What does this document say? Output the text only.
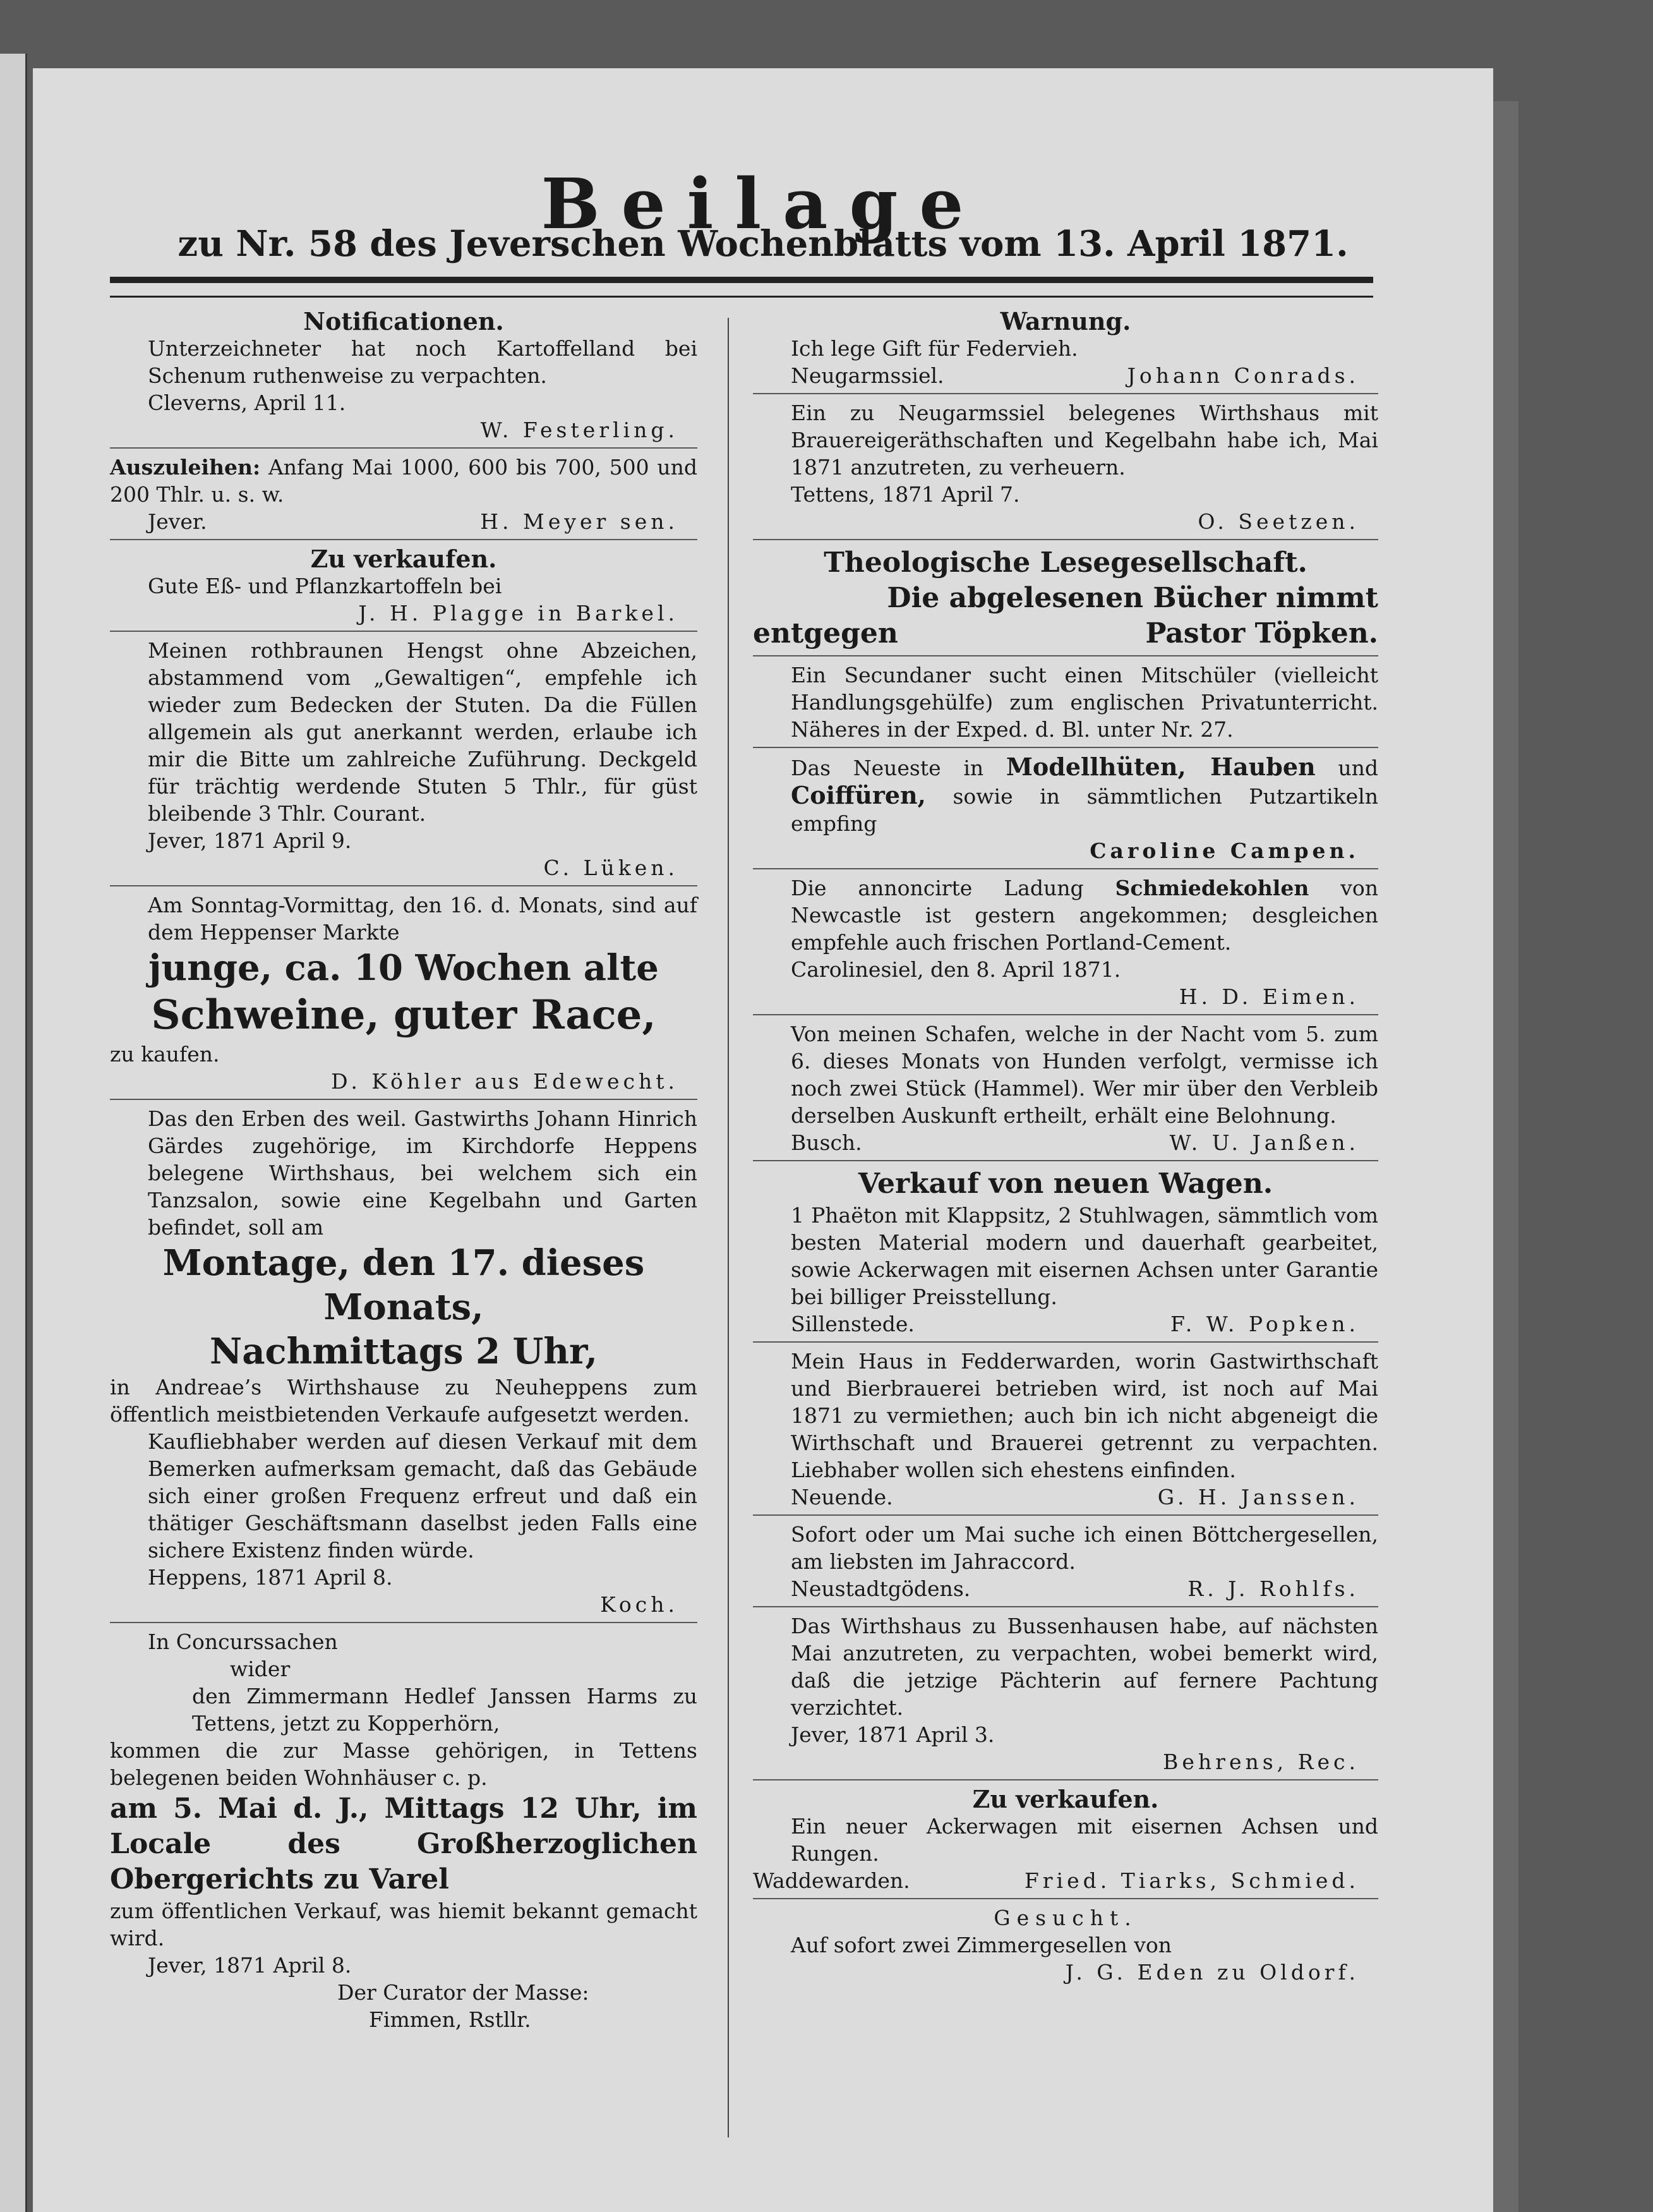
Beilage
zu Nr. 58 des Jeverschen Wochenblatts vom 13. April 1871.

Notificationen.

Unterzeichneter hat noch Kartoffelland bei Schenum ruthenweise zu verpachten.

Cleverns, April 11.

W. Festerling.

Auszuleihen: Anfang Mai 1000, 600 bis 700, 500 und 200 Thlr. u. s. w.

Jever.	H. Meyer sen.

Zu verkaufen.

Gute Eß- und Pflanzkartoffeln bei

J. H. Plagge in Barkel.

Meinen rothbraunen Hengst ohne Abzeichen, abstammend vom „Gewaltigen“, empfehle ich wieder zum Bedecken der Stuten. Da die Füllen allgemein als gut anerkannt werden, erlaube ich mir die Bitte um zahlreiche Zuführung. Deckgeld für trächtig werdende Stuten 5 Thlr., für güst bleibende 3 Thlr. Courant.

Jever, 1871 April 9.

C. Lüken.

Am Sonntag-Vormittag, den 16. d. Monats, sind auf dem Heppenser Markte

junge, ca. 10 Wochen alte

Schweine, guter Race,

zu kaufen.

D. Köhler aus Edewecht.

Das den Erben des weil. Gastwirths Johann Hinrich Gärdes zugehörige, im Kirchdorfe Heppens belegene Wirthshaus, bei welchem sich ein Tanzsalon, sowie eine Kegelbahn und Garten befindet, soll am

Montage, den 17. dieses Monats,

Nachmittags 2 Uhr,

in Andreae’s Wirthshause zu Neuheppens zum öffentlich meistbietenden Verkaufe aufgesetzt werden.

Kaufliebhaber werden auf diesen Verkauf mit dem Bemerken aufmerksam gemacht, daß das Gebäude sich einer großen Frequenz erfreut und daß ein thätiger Geschäftsmann daselbst jeden Falls eine sichere Existenz finden würde.

Heppens, 1871 April 8.

Koch.

In Concurssachen

wider

den Zimmermann Hedlef Janssen Harms zu Tettens, jetzt zu Kopperhörn,

kommen die zur Masse gehörigen, in Tettens belegenen beiden Wohnhäuser c. p.

am 5. Mai d. J., Mittags 12 Uhr, im Locale des Großherzoglichen Obergerichts zu Varel

zum öffentlichen Verkauf, was hiemit bekannt gemacht wird.

Jever, 1871 April 8.

Der Curator der Masse:

Fimmen, Rstllr.

Warnung.

Ich lege Gift für Federvieh.

Neugarmssiel.	Johann Conrads.

Ein zu Neugarmssiel belegenes Wirthshaus mit Brauereigeräthschaften und Kegelbahn habe ich, Mai 1871 anzutreten, zu verheuern.

Tettens, 1871 April 7.

O. Seetzen.

Theologische Lesegesellschaft.

Die abgelesenen Bücher nimmt

entgegen	Pastor Töpken.

Ein Secundaner sucht einen Mitschüler (vielleicht Handlungsgehülfe) zum englischen Privatunterricht. Näheres in der Exped. d. Bl. unter Nr. 27.

Das Neueste in Modellhüten, Hauben und Coiffüren, sowie in sämmtlichen Putzartikeln empfing

Caroline Campen.

Die annoncirte Ladung Schmiedekohlen von Newcastle ist gestern angekommen; desgleichen empfehle auch frischen Portland-Cement.

Carolinesiel, den 8. April 1871.

H. D. Eimen.

Von meinen Schafen, welche in der Nacht vom 5. zum 6. dieses Monats von Hunden verfolgt, vermisse ich noch zwei Stück (Hammel). Wer mir über den Verbleib derselben Auskunft ertheilt, erhält eine Belohnung.

Busch.	W. U. Janßen.

Verkauf von neuen Wagen.

1 Phaëton mit Klappsitz, 2 Stuhlwagen, sämmtlich vom besten Material modern und dauerhaft gearbeitet, sowie Ackerwagen mit eisernen Achsen unter Garantie bei billiger Preisstellung.

Sillenstede.	F. W. Popken.

Mein Haus in Fedderwarden, worin Gastwirthschaft und Bierbrauerei betrieben wird, ist noch auf Mai 1871 zu vermiethen; auch bin ich nicht abgeneigt die Wirthschaft und Brauerei getrennt zu verpachten. Liebhaber wollen sich ehestens einfinden.

Neuende.	G. H. Janssen.

Sofort oder um Mai suche ich einen Böttchergesellen, am liebsten im Jahraccord.

Neustadtgödens.	R. J. Rohlfs.

Das Wirthshaus zu Bussenhausen habe, auf nächsten Mai anzutreten, zu verpachten, wobei bemerkt wird, daß die jetzige Pächterin auf fernere Pachtung verzichtet.

Jever, 1871 April 3.

Behrens, Rec.

Zu verkaufen.

Ein neuer Ackerwagen mit eisernen Achsen und Rungen.

Waddewarden.	Fried. Tiarks, Schmied.

Gesucht.

Auf sofort zwei Zimmergesellen von

J. G. Eden zu Oldorf.
